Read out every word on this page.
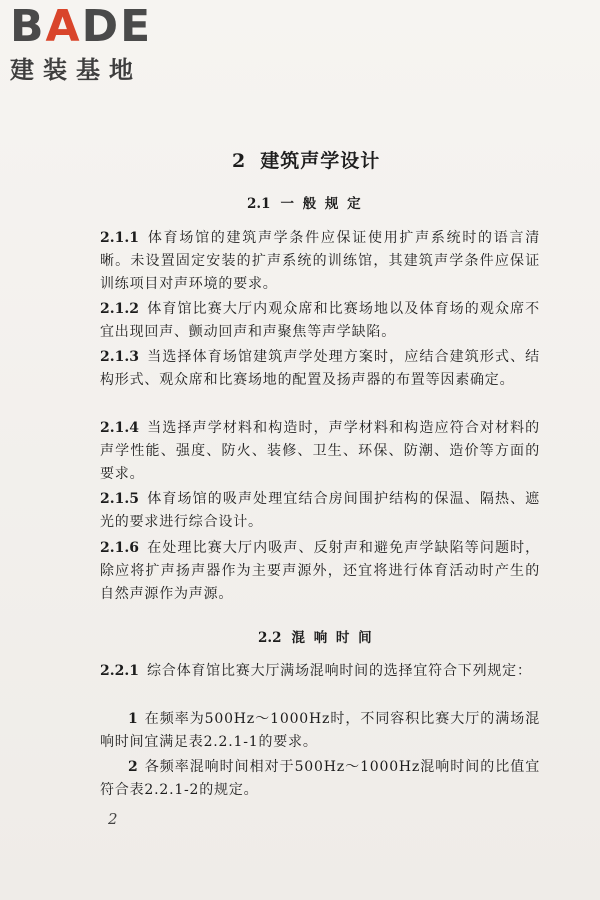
BADE
建装基地
2 建筑声学设计
2.1 一 般 规 定
2.1.1 体育场馆的建筑声学条件应保证使用扩声系统时的语言清晰。未设置固定安装的扩声系统的训练馆，其建筑声学条件应保证训练项目对声环境的要求。
2.1.2 体育馆比赛大厅内观众席和比赛场地以及体育场的观众席不宜出现回声、颤动回声和声聚焦等声学缺陷。
2.1.3 当选择体育场馆建筑声学处理方案时，应结合建筑形式、结构形式、观众席和比赛场地的配置及扬声器的布置等因素确定。
2.1.4 当选择声学材料和构造时，声学材料和构造应符合对材料的声学性能、强度、防火、装修、卫生、环保、防潮、造价等方面的要求。
2.1.5 体育场馆的吸声处理宜结合房间围护结构的保温、隔热、遮光的要求进行综合设计。
2.1.6 在处理比赛大厅内吸声、反射声和避免声学缺陷等问题时，除应将扩声扬声器作为主要声源外，还宜将进行体育活动时产生的自然声源作为声源。
2.2 混 响 时 间
2.2.1 综合体育馆比赛大厅满场混响时间的选择宜符合下列规定：
1 在频率为500Hz～1000Hz时，不同容积比赛大厅的满场混响时间宜满足表2.2.1-1的要求。
2 各频率混响时间相对于500Hz～1000Hz混响时间的比值宜符合表2.2.1-2的规定。
2
